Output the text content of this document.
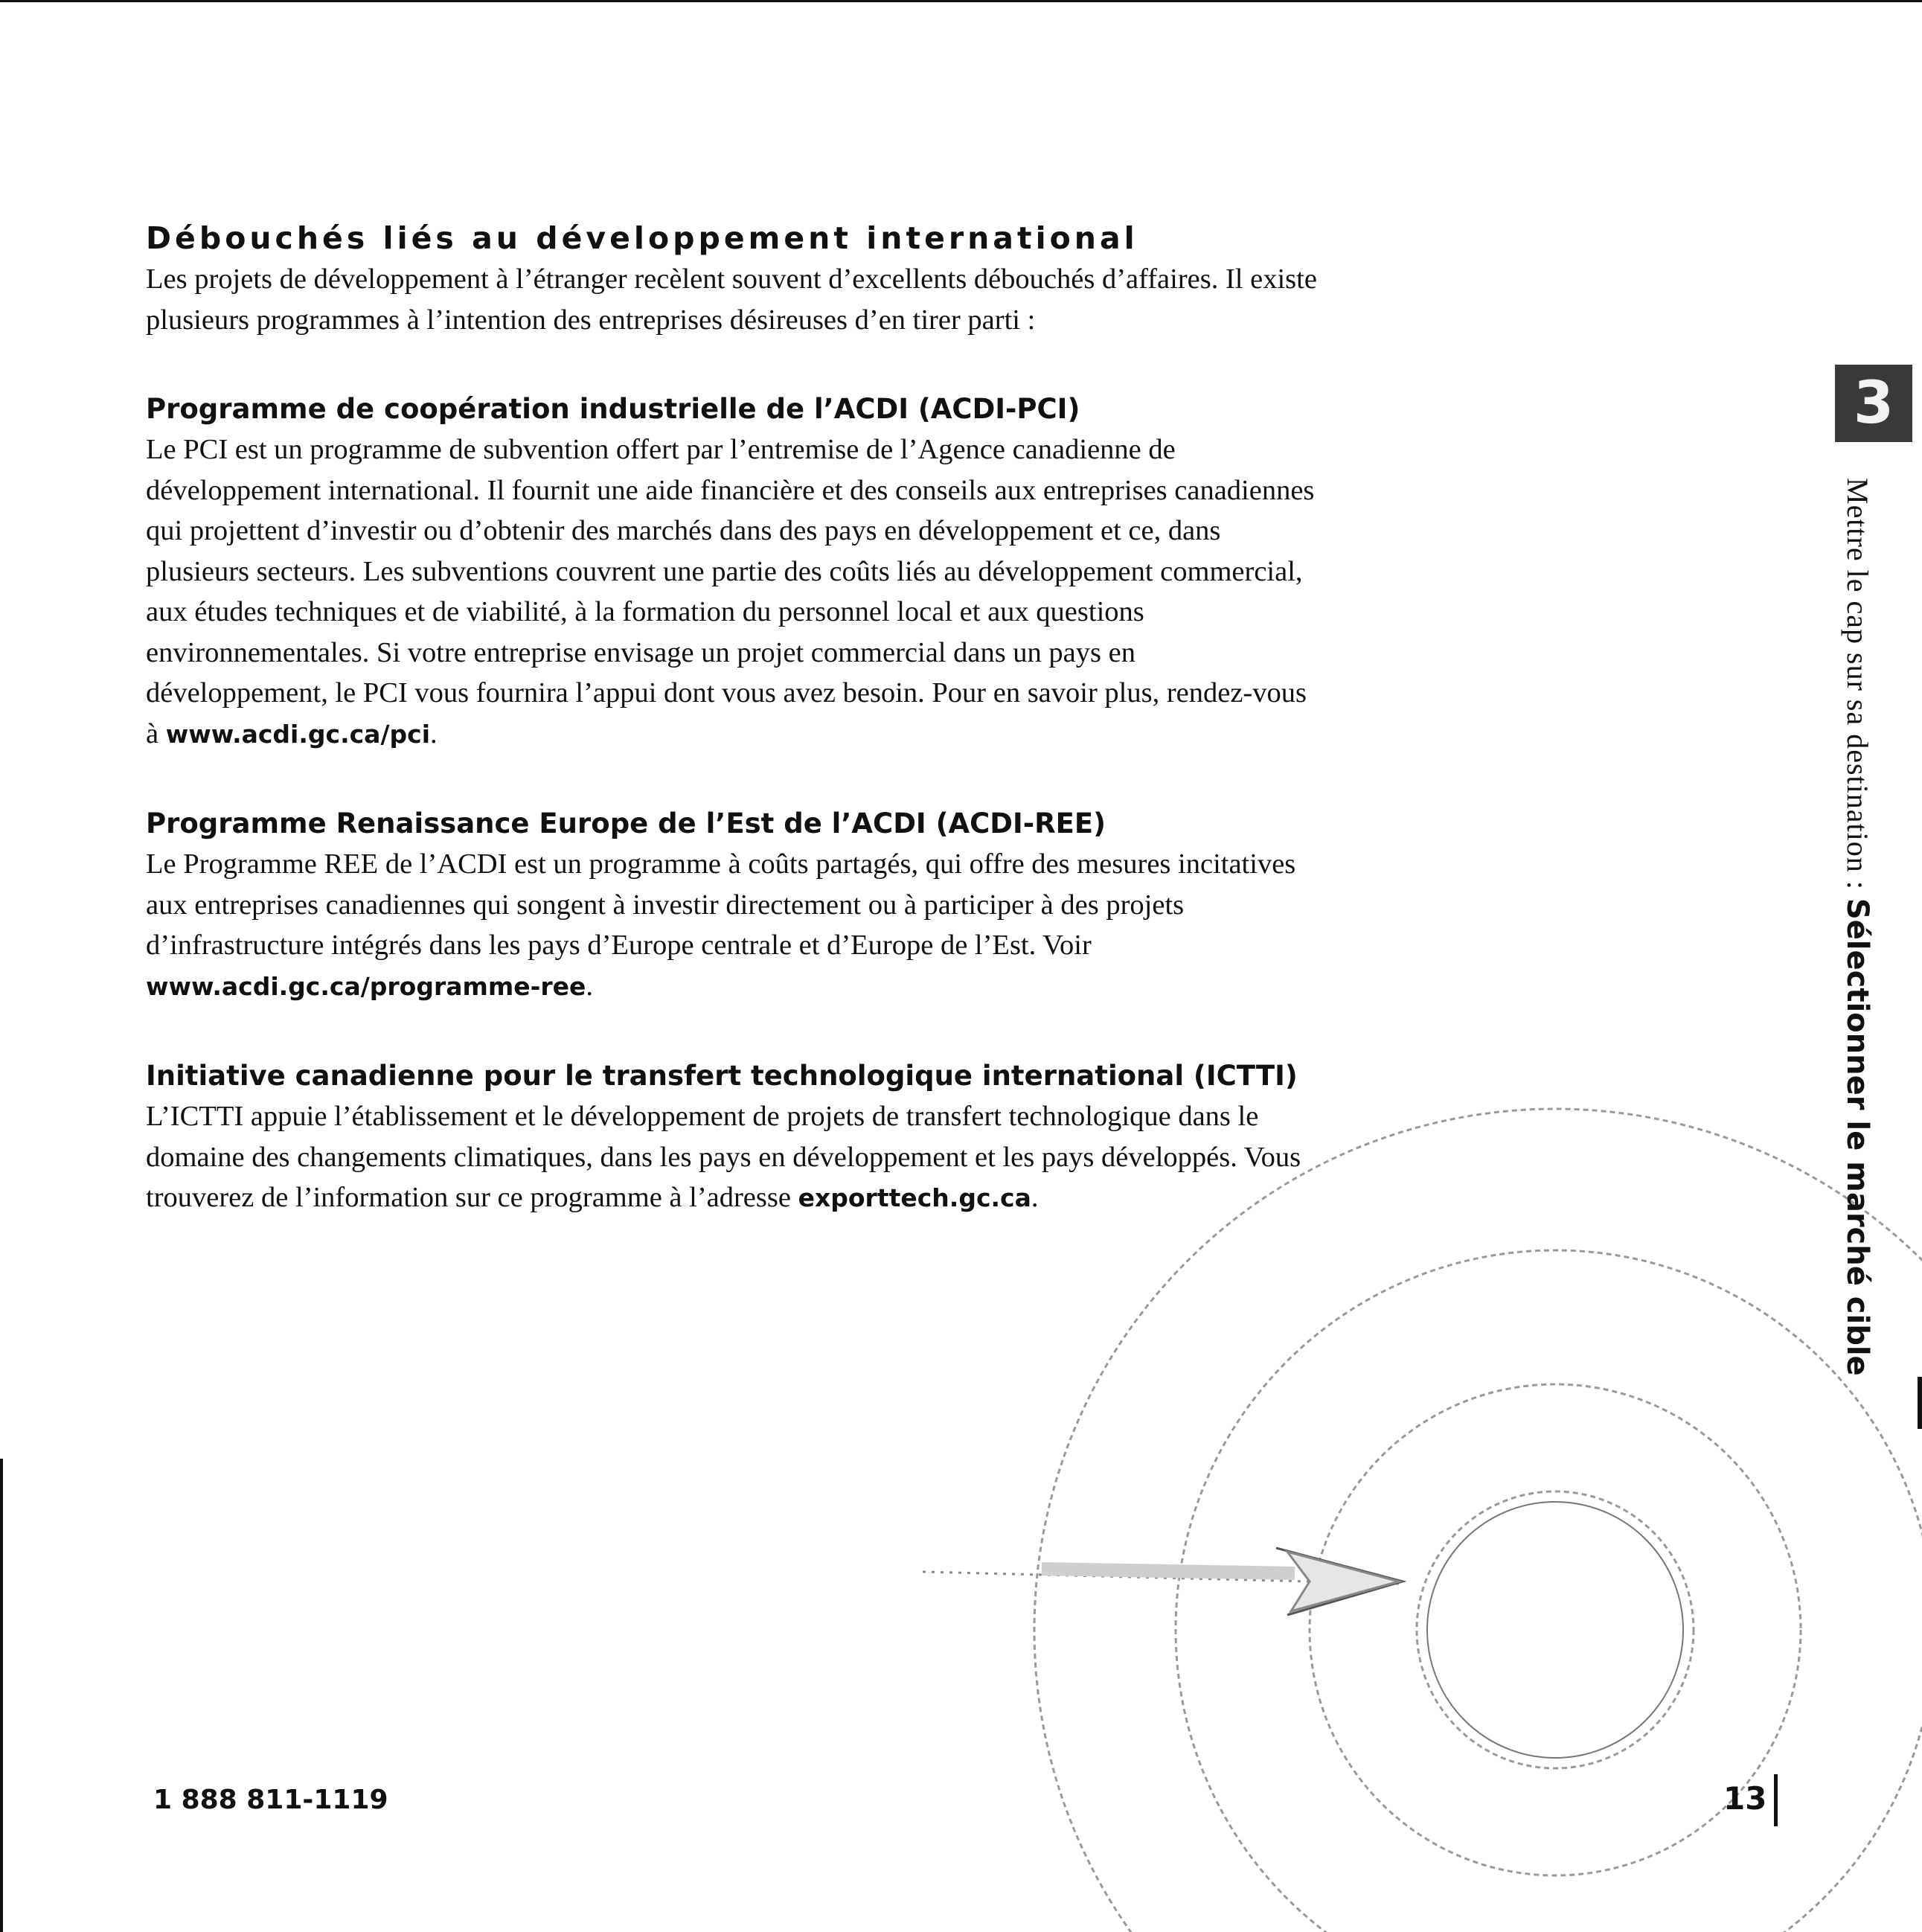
Débouchés liés au développement international

Les projets de développement à l’étranger recèlent souvent d’excellents débouchés d’affaires. Il existe plusieurs programmes à l’intention des entreprises désireuses d’en tirer parti :

Programme de coopération industrielle de l’ACDI (ACDI-PCI)

Le PCI est un programme de subvention offert par l’entremise de l’Agence canadienne de développement international. Il fournit une aide financière et des conseils aux entreprises canadiennes qui projettent d’investir ou d’obtenir des marchés dans des pays en développement et ce, dans plusieurs secteurs. Les subventions couvrent une partie des coûts liés au développement commercial, aux études techniques et de viabilité, à la formation du personnel local et aux questions environnementales. Si votre entreprise envisage un projet commercial dans un pays en développement, le PCI vous fournira l’appui dont vous avez besoin. Pour en savoir plus, rendez-vous à www.acdi.gc.ca/pci.

Programme Renaissance Europe de l’Est de l’ACDI (ACDI-REE)

Le Programme REE de l’ACDI est un programme à coûts partagés, qui offre des mesures incitatives aux entreprises canadiennes qui songent à investir directement ou à participer à des projets d’infrastructure intégrés dans les pays d’Europe centrale et d’Europe de l’Est. Voir www.acdi.gc.ca/programme-ree.

Initiative canadienne pour le transfert technologique international (ICTTI)

L’ICTTI appuie l’établissement et le développement de projets de transfert technologique dans le domaine des changements climatiques, dans les pays en développement et les pays développés. Vous trouverez de l’information sur ce programme à l’adresse exporttech.gc.ca.

3
Mettre le cap sur sa destination : Sélectionner le marché cible
1 888 811-1119	13
